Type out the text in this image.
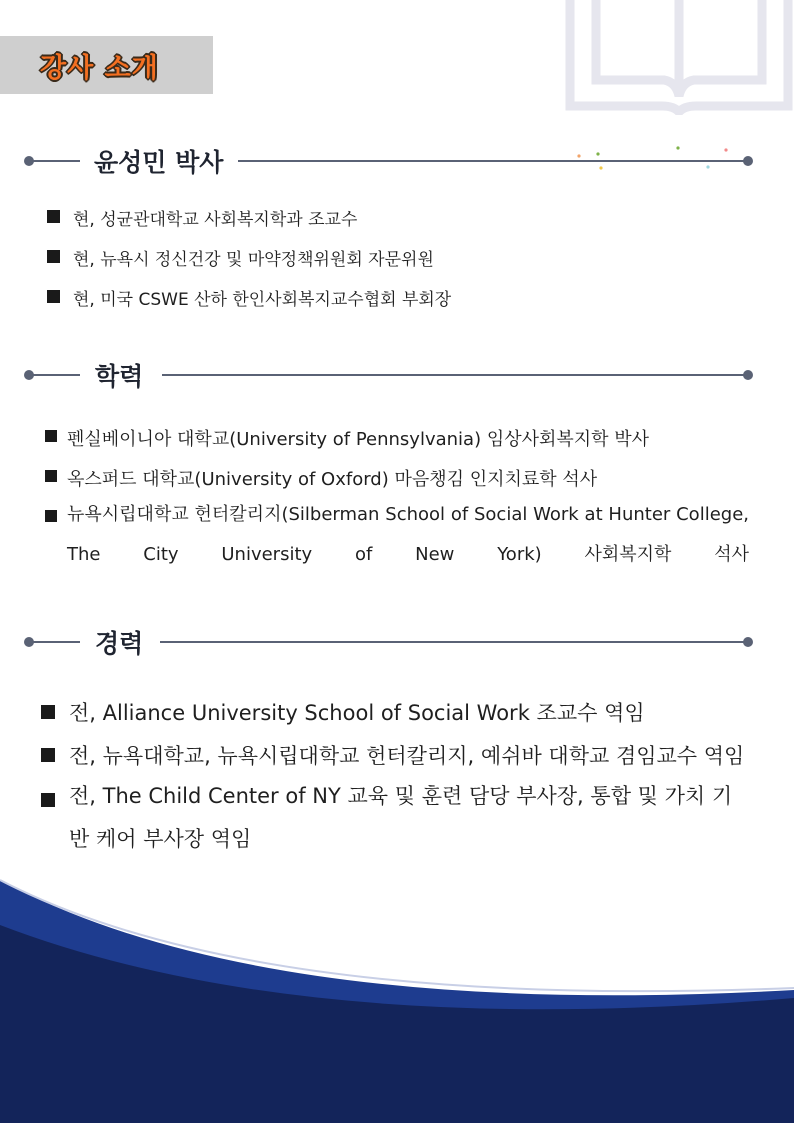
강사 소개
윤성민 박사
현, 성균관대학교 사회복지학과 조교수
현, 뉴욕시 정신건강 및 마약정책위원회 자문위원
현, 미국 CSWE 산하 한인사회복지교수협회 부회장
학력
펜실베이니아 대학교(University of Pennsylvania) 임상사회복지학 박사
옥스퍼드 대학교(University of Oxford) 마음챙김 인지치료학 석사
뉴욕시립대학교 헌터칼리지(Silberman School of Social Work at Hunter College, The City University of New York) 사회복지학 석사
경력
전, Alliance University School of Social Work 조교수 역임
전, 뉴욕대학교, 뉴욕시립대학교 헌터칼리지, 예쉬바 대학교 겸임교수 역임
전, The Child Center of NY 교육 및 훈련 담당 부사장, 통합 및 가치 기반 케어 부사장 역임
